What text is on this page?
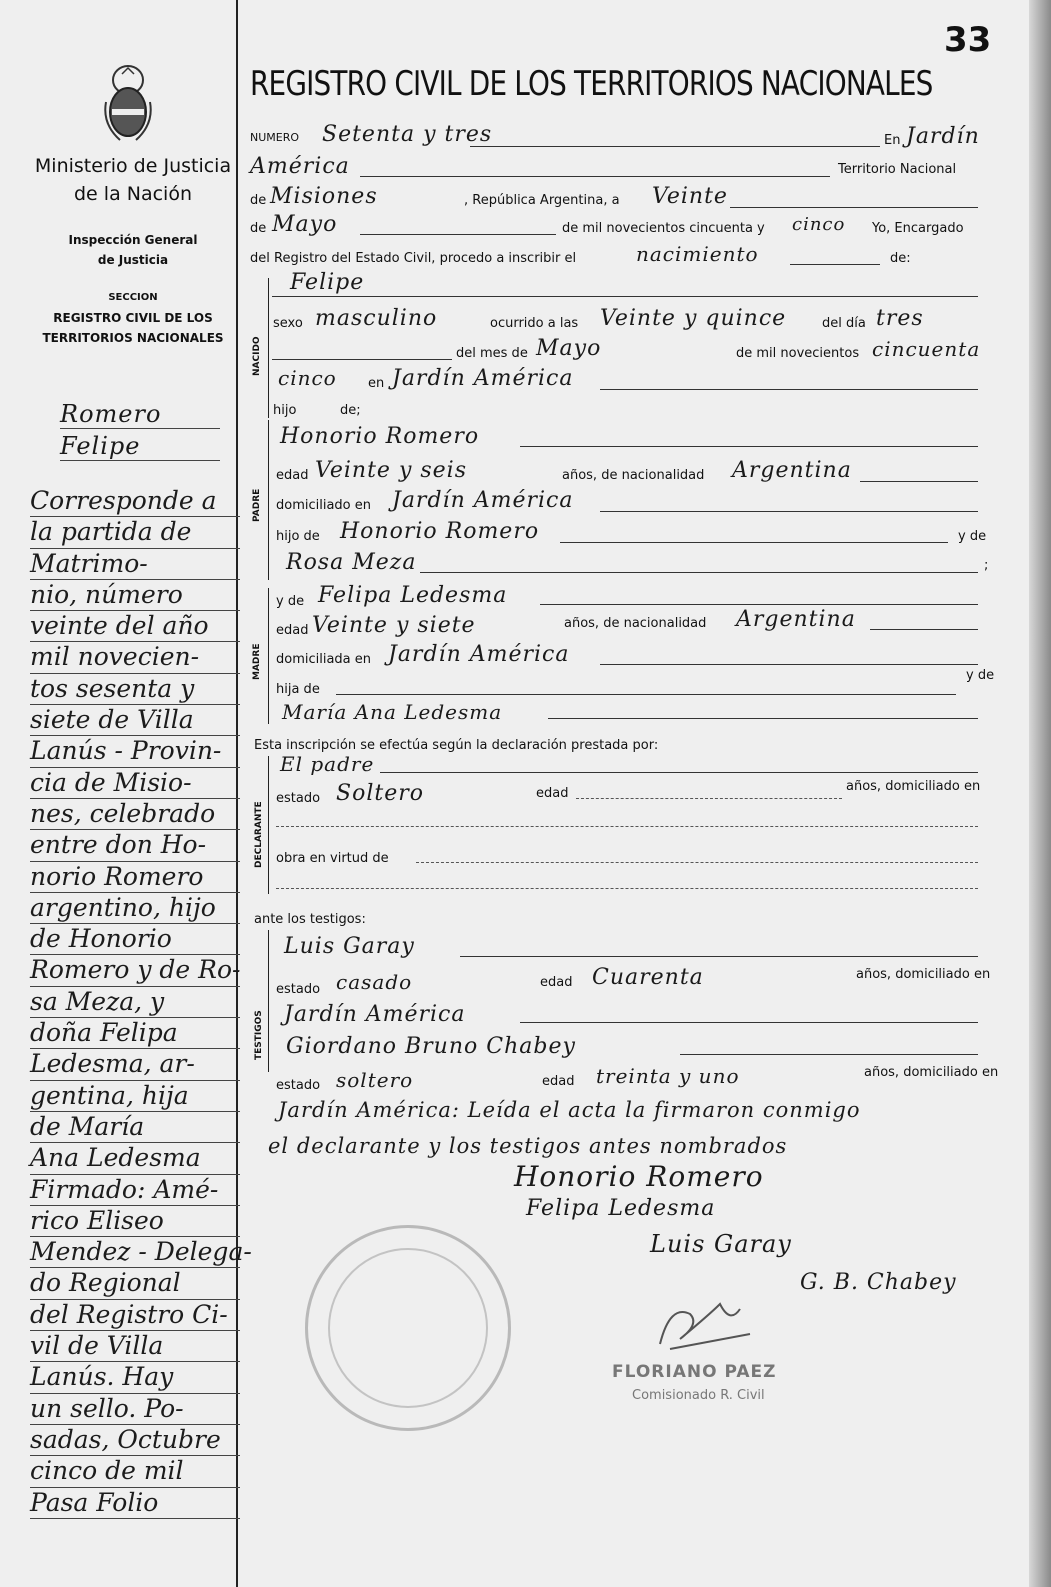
33
Ministerio de Justicia
de la Nación
Inspección General
de Justicia
SECCION
REGISTRO CIVIL DE LOS
TERRITORIOS NACIONALES
Romero
Felipe
Corresponde a
la partida de
Matrimo-
nio, número
veinte del año
mil novecien-
tos sesenta y
siete de Villa
Lanús - Provin-
cia de Misio-
nes, celebrado
entre don Ho-
norio Romero
argentino, hijo
de Honorio
Romero y de Ro-
sa Meza, y
doña Felipa
Ledesma, ar-
gentina, hija
de María
Ana Ledesma
Firmado: Amé-
rico Eliseo
Mendez - Delega-
do Regional
del Registro Ci-
vil de Villa
Lanús. Hay
un sello. Po-
sadas, Octubre
cinco de mil
Pasa Folio
REGISTRO CIVIL DE LOS TERRITORIOS NACIONALES
NUMERO Setenta y tres	En Jardín
América	Territorio Nacional
de Misiones	, República Argentina, a Veinte
de Mayo	de mil novecientos cincuenta y cinco Yo, Encargado
del Registro del Estado Civil, procedo a inscribir el	nacimiento	de:
NACIDO
Felipe
sexo masculino	ocurrido a las Veinte y quince	del día tres
del mes de Mayo	de mil novecientos cincuenta
cinco en Jardín América
hijo	de;
PADRE
Honorio Romero
edad Veinte y seis	años, de nacionalidad Argentina
domiciliado en Jardín América
hijo de Honorio Romero	y de
Rosa Meza	;
MADRE
y de Felipa Ledesma
edad Veinte y siete	años, de nacionalidad Argentina
domiciliada en Jardín América
hija de
y de
María Ana Ledesma
Esta inscripción se efectúa según la declaración prestada por:
DECLARANTE
El padre
estado Soltero	edad	años, domiciliado en
obra en virtud de
ante los testigos:
TESTIGOS
Luis Garay
estado casado	edad Cuarenta	años, domiciliado en
Jardín América
Giordano Bruno Chabey
estado soltero	edad treinta y uno	años, domiciliado en
Jardín América: Leída el acta la firmaron conmigo
el declarante y los testigos antes nombrados
Honorio Romero
Felipa Ledesma
Luis Garay
G. B. Chabey
FLORIANO PAEZ
Comisionado R. Civil
